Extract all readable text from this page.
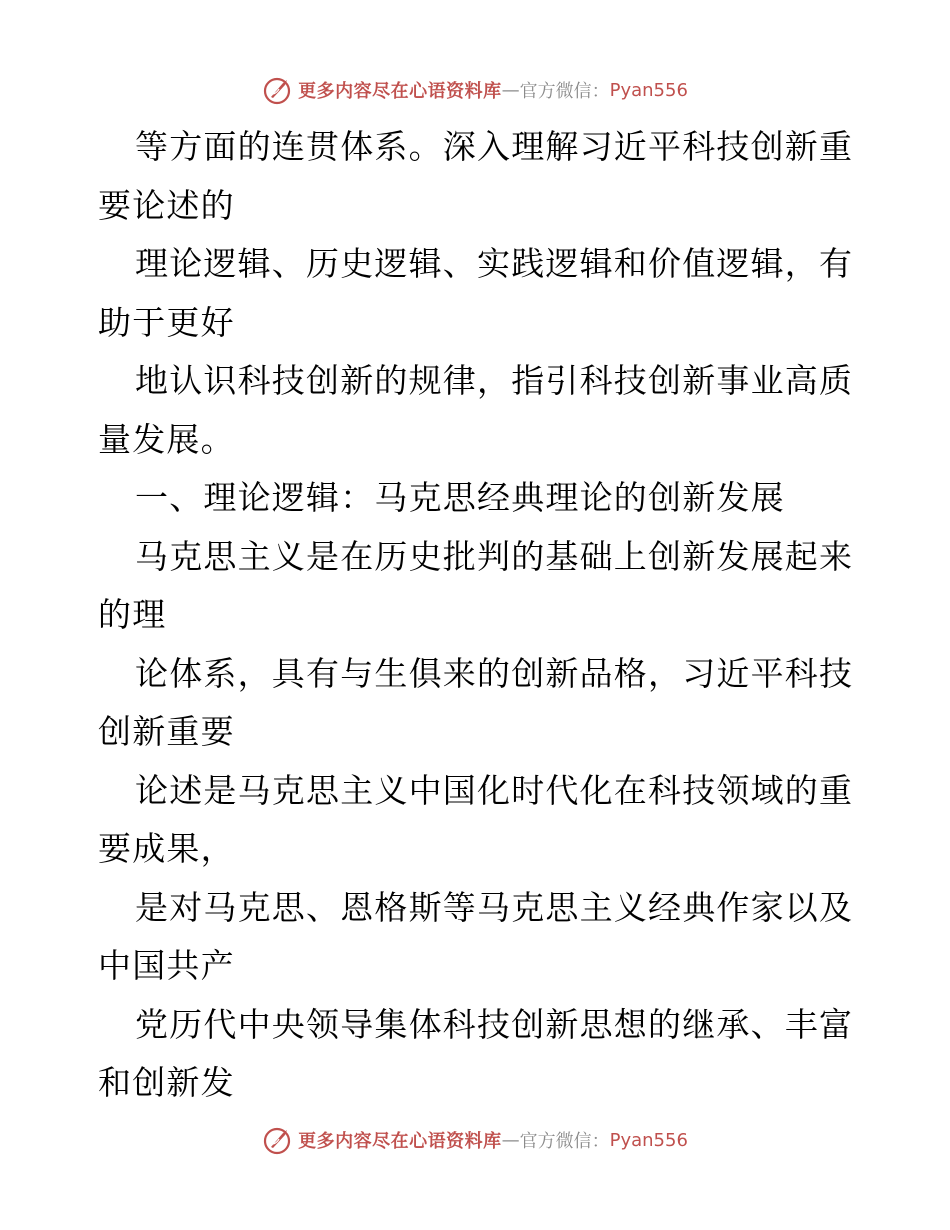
更多内容尽在心语资料库 — 官方微信： Pyan556
等方面的连贯体系。深入理解习近平科技创新重
要论述的
理论逻辑、历史逻辑、实践逻辑和价值逻辑，有
助于更好
地认识科技创新的规律，指引科技创新事业高质
量发展。
一、理论逻辑：马克思经典理论的创新发展
马克思主义是在历史批判的基础上创新发展起来
的理
论体系，具有与生俱来的创新品格，习近平科技
创新重要
论述是马克思主义中国化时代化在科技领域的重
要成果，
是对马克思、恩格斯等马克思主义经典作家以及
中国共产
党历代中央领导集体科技创新思想的继承、丰富
和创新发
更多内容尽在心语资料库 — 官方微信： Pyan556
